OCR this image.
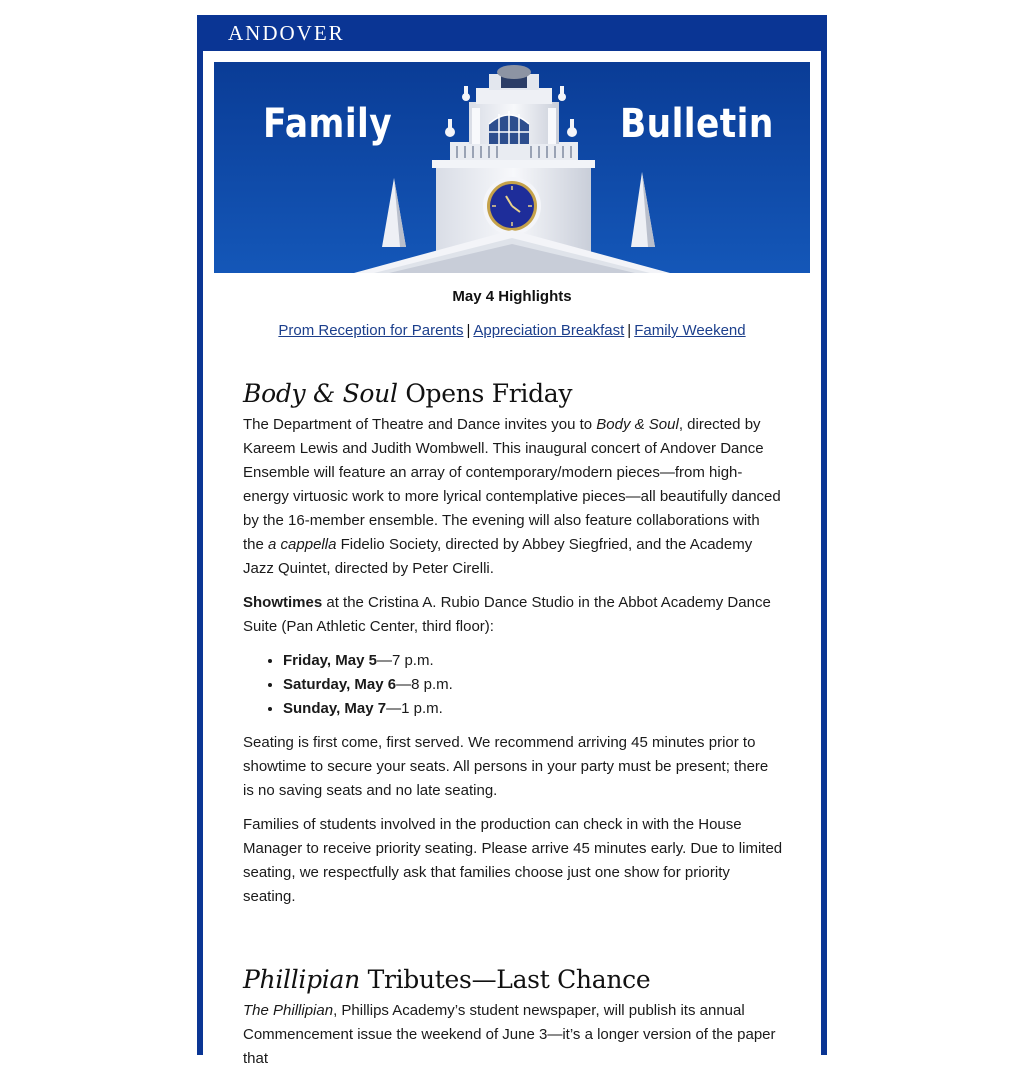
ANDOVER
Family	Bulletin
May 4 Highlights
Prom Reception for Parents | Appreciation Breakfast | Family Weekend
Body & Soul Opens Friday

The Department of Theatre and Dance invites you to Body & Soul, directed by Kareem Lewis and Judith Wombwell. This inaugural concert of Andover Dance Ensemble will feature an array of contemporary/modern pieces—from high-energy virtuosic work to more lyrical contemplative pieces—all beautifully danced by the 16-member ensemble. The evening will also feature collaborations with the a cappella Fidelio Society, directed by Abbey Siegfried, and the Academy Jazz Quintet, directed by Peter Cirelli.

Showtimes at the Cristina A. Rubio Dance Studio in the Abbot Academy Dance Suite (Pan Athletic Center, third floor):

• Friday, May 5—7 p.m.
• Saturday, May 6—8 p.m.
• Sunday, May 7—1 p.m.

Seating is first come, first served. We recommend arriving 45 minutes prior to showtime to secure your seats. All persons in your party must be present; there is no saving seats and no late seating.

Families of students involved in the production can check in with the House Manager to receive priority seating. Please arrive 45 minutes early. Due to limited seating, we respectfully ask that families choose just one show for priority seating.

Phillipian Tributes—Last Chance

The Phillipian, Phillips Academy’s student newspaper, will publish its annual Commencement issue the weekend of June 3—it’s a longer version of the paper that
